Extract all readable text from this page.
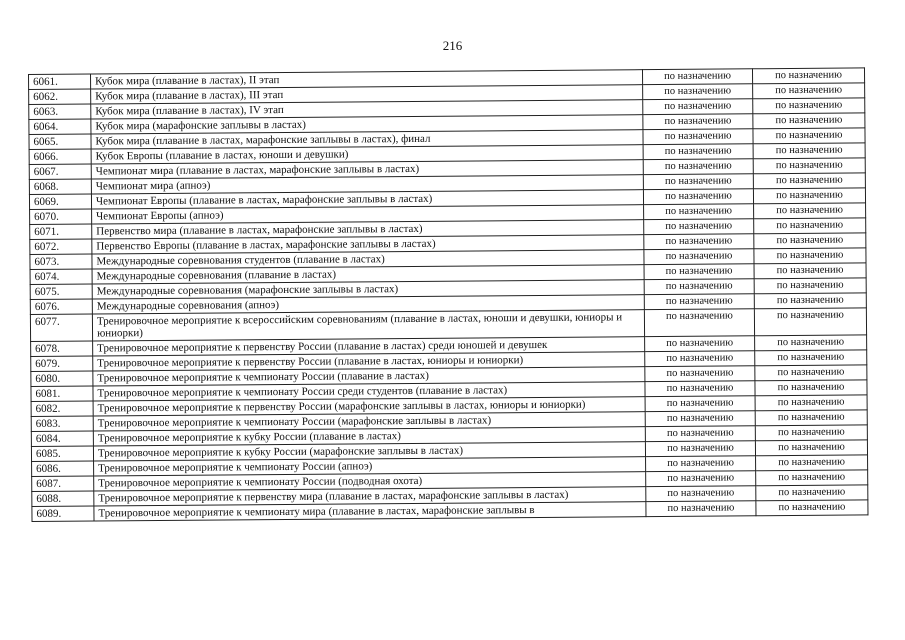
216
6061.	Кубок мира (плавание в ластах), II этап	по назначению	по назначению
6062.	Кубок мира (плавание в ластах), III этап	по назначению	по назначению
6063.	Кубок мира (плавание в ластах), IV этап	по назначению	по назначению
6064.	Кубок мира (марафонские заплывы в ластах)	по назначению	по назначению
6065.	Кубок мира (плавание в ластах, марафонские заплывы в ластах), финал	по назначению	по назначению
6066.	Кубок Европы (плавание в ластах, юноши и девушки)	по назначению	по назначению
6067.	Чемпионат мира (плавание в ластах, марафонские заплывы в ластах)	по назначению	по назначению
6068.	Чемпионат мира (апноэ)	по назначению	по назначению
6069.	Чемпионат Европы (плавание в ластах, марафонские заплывы в ластах)	по назначению	по назначению
6070.	Чемпионат Европы (апноэ)	по назначению	по назначению
6071.	Первенство мира (плавание в ластах, марафонские заплывы в ластах)	по назначению	по назначению
6072.	Первенство Европы (плавание в ластах, марафонские заплывы в ластах)	по назначению	по назначению
6073.	Международные соревнования студентов (плавание в ластах)	по назначению	по назначению
6074.	Международные соревнования (плавание в ластах)	по назначению	по назначению
6075.	Международные соревнования (марафонские заплывы в ластах)	по назначению	по назначению
6076.	Международные соревнования (апноэ)	по назначению	по назначению
6077.	Тренировочное мероприятие к всероссийским соревнованиям (плавание в ластах, юноши и девушки, юниоры и юниорки)	по назначению	по назначению
6078.	Тренировочное мероприятие к первенству России (плавание в ластах) среди юношей и девушек	по назначению	по назначению
6079.	Тренировочное мероприятие к первенству России (плавание в ластах, юниоры и юниорки)	по назначению	по назначению
6080.	Тренировочное мероприятие к чемпионату России (плавание в ластах)	по назначению	по назначению
6081.	Тренировочное мероприятие к чемпионату России среди студентов (плавание в ластах)	по назначению	по назначению
6082.	Тренировочное мероприятие к первенству России (марафонские заплывы в ластах, юниоры и юниорки)	по назначению	по назначению
6083.	Тренировочное мероприятие к чемпионату России (марафонские заплывы в ластах)	по назначению	по назначению
6084.	Тренировочное мероприятие к кубку России (плавание в ластах)	по назначению	по назначению
6085.	Тренировочное мероприятие к кубку России (марафонские заплывы в ластах)	по назначению	по назначению
6086.	Тренировочное мероприятие к чемпионату России (апноэ)	по назначению	по назначению
6087.	Тренировочное мероприятие к чемпионату России (подводная охота)	по назначению	по назначению
6088.	Тренировочное мероприятие к первенству мира (плавание в ластах, марафонские заплывы в ластах)	по назначению	по назначению
6089.	Тренировочное мероприятие к чемпионату мира (плавание в ластах, марафонские заплывы в	по назначению	по назначению
